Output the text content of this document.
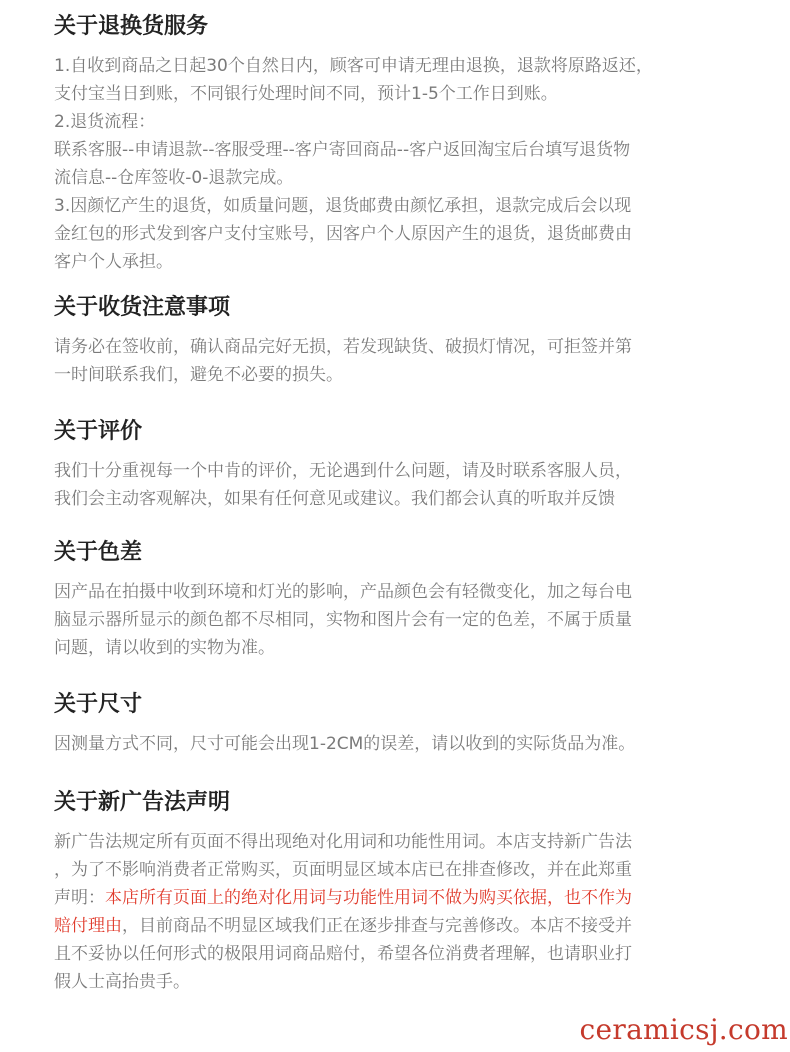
关于退换货服务
1.自收到商品之日起30个自然日内，顾客可申请无理由退换，退款将原路返还，
支付宝当日到账，不同银行处理时间不同，预计1-5个工作日到账。
2.退货流程：
联系客服--申请退款--客服受理--客户寄回商品--客户返回淘宝后台填写退货物
流信息--仓库签收-0-退款完成。
3.因颜忆产生的退货，如质量问题，退货邮费由颜忆承担，退款完成后会以现
金红包的形式发到客户支付宝账号，因客户个人原因产生的退货，退货邮费由
客户个人承担。
关于收货注意事项
请务必在签收前，确认商品完好无损，若发现缺货、破损灯情况，可拒签并第
一时间联系我们，避免不必要的损失。
关于评价
我们十分重视每一个中肯的评价，无论遇到什么问题，请及时联系客服人员，
我们会主动客观解决，如果有任何意见或建议。我们都会认真的听取并反馈
关于色差
因产品在拍摄中收到环境和灯光的影响，产品颜色会有轻微变化，加之每台电
脑显示器所显示的颜色都不尽相同，实物和图片会有一定的色差，不属于质量
问题，请以收到的实物为准。
关于尺寸
因测量方式不同，尺寸可能会出现1-2CM的误差，请以收到的实际货品为准。
关于新广告法声明
新广告法规定所有页面不得出现绝对化用词和功能性用词。本店支持新广告法
，为了不影响消费者正常购买，页面明显区域本店已在排查修改，并在此郑重
声明：本店所有页面上的绝对化用词与功能性用词不做为购买依据，也不作为
赔付理由，目前商品不明显区域我们正在逐步排查与完善修改。本店不接受并
且不妥协以任何形式的极限用词商品赔付，希望各位消费者理解，也请职业打
假人士高抬贵手。
ceramicsj.com
